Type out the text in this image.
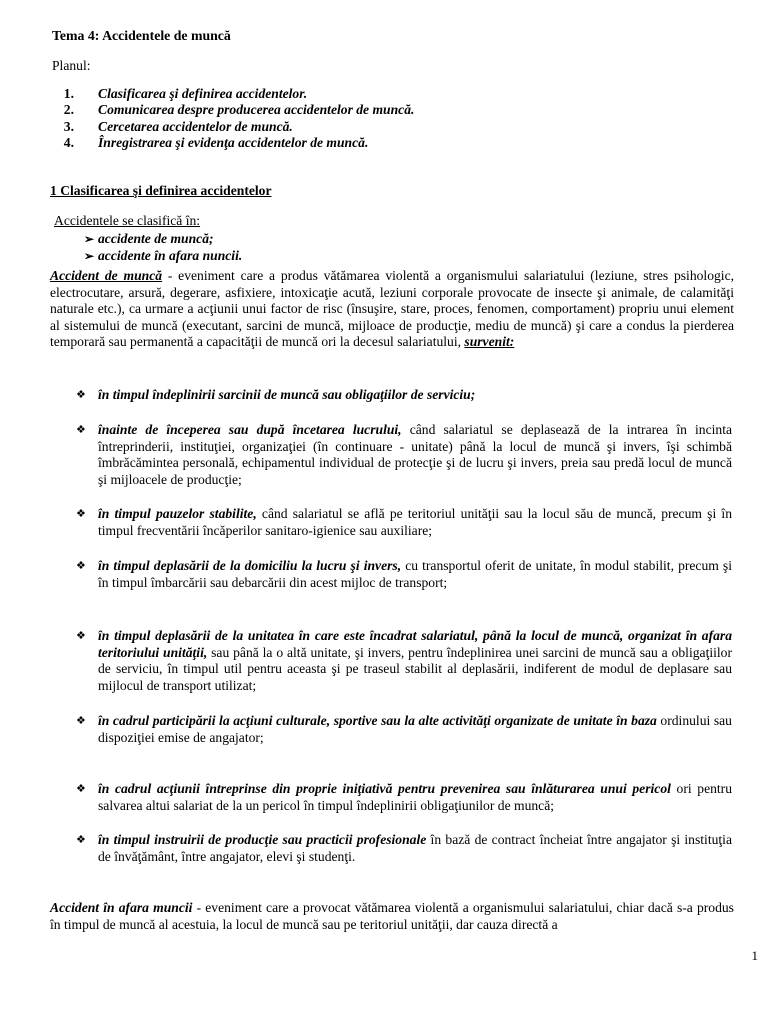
Tema 4: Accidentele de muncă

Planul:

1. Clasificarea şi definirea accidentelor.
2. Comunicarea despre producerea accidentelor de muncă.
3. Cercetarea accidentelor de muncă.
4. Înregistrarea şi evidenţa accidentelor de muncă.

1 Clasificarea şi definirea accidentelor

Accidentele se clasifică în:

➢ accidente de muncă;
➢ accidente în afara nuncii.

Accident de muncă - eveniment care a produs vătămarea violentă a organismului salariatului (leziune, stres psihologic, electrocutare, arsură, degerare, asfixiere, intoxicaţie acută, leziuni corporale provocate de insecte şi animale, de calamităţi naturale etc.), ca urmare a acţiunii unui factor de risc (însuşire, stare, proces, fenomen, comportament) propriu unui element al sistemului de muncă (executant, sarcini de muncă, mijloace de producţie, mediu de muncă) şi care a condus la pierderea temporară sau permanentă a capacităţii de muncă ori la decesul salariatului, survenit:

❖ în timpul îndeplinirii sarcinii de muncă sau obligaţiilor de serviciu;

❖ înainte de începerea sau după încetarea lucrului, când salariatul se deplasează de la intrarea în incinta întreprinderii, instituţiei, organizaţiei (în continuare - unitate) până la locul de muncă şi invers, îşi schimbă îmbrăcămintea personală, echipamentul individual de protecţie şi de lucru şi invers, preia sau predă locul de muncă şi mijloacele de producţie;

❖ în timpul pauzelor stabilite, când salariatul se află pe teritoriul unităţii sau la locul său de muncă, precum şi în timpul frecventării încăperilor sanitaro-igienice sau auxiliare;

❖ în timpul deplasării de la domiciliu la lucru şi invers, cu transportul oferit de unitate, în modul stabilit, precum şi în timpul îmbarcării sau debarcării din acest mijloc de transport;

❖ în timpul deplasării de la unitatea în care este încadrat salariatul, până la locul de muncă, organizat în afara teritoriului unităţii, sau până la o altă unitate, şi invers, pentru îndeplinirea unei sarcini de muncă sau a obligaţiilor de serviciu, în timpul util pentru aceasta şi pe traseul stabilit al deplasării, indiferent de modul de deplasare sau mijlocul de transport utilizat;

❖ în cadrul participării la acţiuni culturale, sportive sau la alte activităţi organizate de unitate în baza ordinului sau dispoziţiei emise de angajator;

❖ în cadrul acţiunii întreprinse din proprie iniţiativă pentru prevenirea sau înlăturarea unui pericol ori pentru salvarea altui salariat de la un pericol în timpul îndeplinirii obligaţiunilor de muncă;

❖ în timpul instruirii de producţie sau practicii profesionale în bază de contract încheiat între angajator şi instituţia de învăţământ, între angajator, elevi şi studenţi.

Accident în afara muncii - eveniment care a provocat vătămarea violentă a organismului salariatului, chiar dacă s-a produs în timpul de muncă al acestuia, la locul de muncă sau pe teritoriul unităţii, dar cauza directă a

1
